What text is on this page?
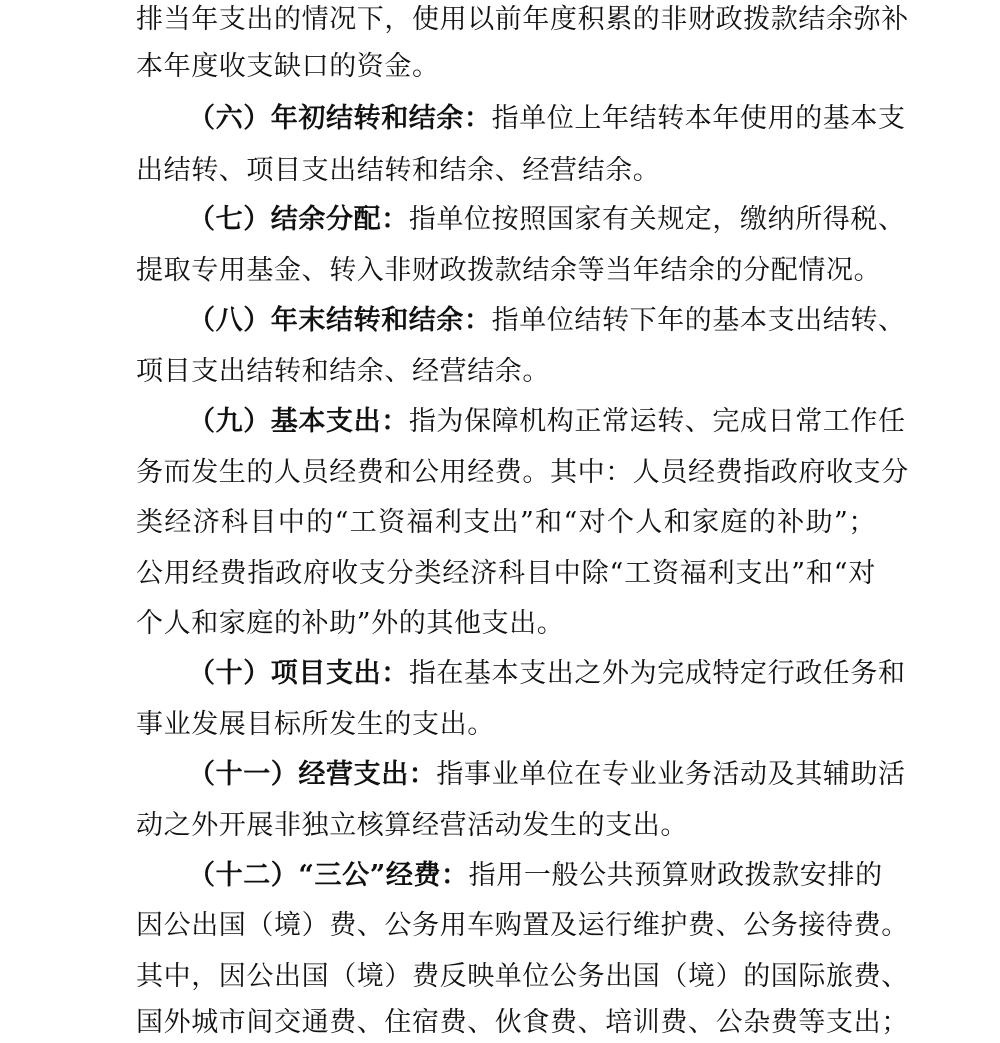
排当年支出的情况下，使用以前年度积累的非财政拨款结余弥补
本年度收支缺口的资金。
（六）年初结转和结余：指单位上年结转本年使用的基本支
出结转、项目支出结转和结余、经营结余。
（七）结余分配：指单位按照国家有关规定，缴纳所得税、
提取专用基金、转入非财政拨款结余等当年结余的分配情况。
（八）年末结转和结余：指单位结转下年的基本支出结转、
项目支出结转和结余、经营结余。
（九）基本支出：指为保障机构正常运转、完成日常工作任
务而发生的人员经费和公用经费。其中：人员经费指政府收支分
类经济科目中的“工资福利支出”和“对个人和家庭的补助”；
公用经费指政府收支分类经济科目中除“工资福利支出”和“对
个人和家庭的补助”外的其他支出。
（十）项目支出：指在基本支出之外为完成特定行政任务和
事业发展目标所发生的支出。
（十一）经营支出：指事业单位在专业业务活动及其辅助活
动之外开展非独立核算经营活动发生的支出。
（十二）“三公”经费：指用一般公共预算财政拨款安排的
因公出国（境）费、公务用车购置及运行维护费、公务接待费。
其中，因公出国（境）费反映单位公务出国（境）的国际旅费、
国外城市间交通费、住宿费、伙食费、培训费、公杂费等支出；
